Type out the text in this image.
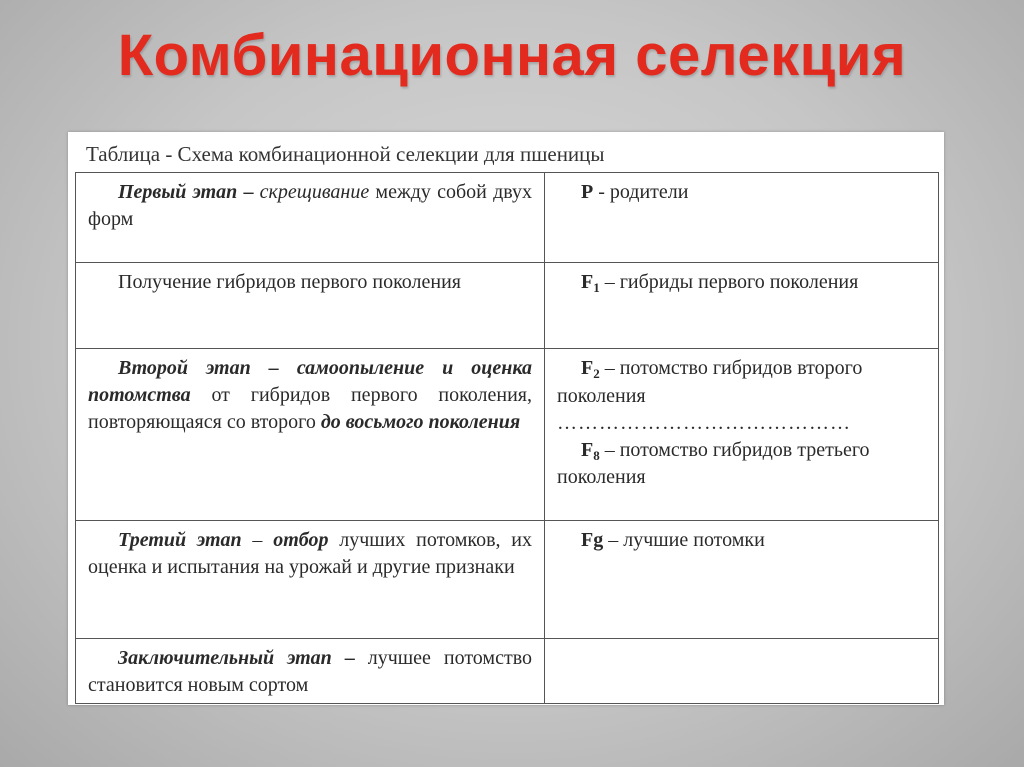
Комбинационная селекция
Таблица - Схема комбинационной селекции для пшеницы
Первый этап – скрещивание между собой двух форм	P - родители
Получение гибридов первого поколения	$F_1$ – гибриды первого поколения
Второй этап – самоопыление и оценка потомства от гибридов первого поколения, повторяющаяся со второго до восьмого поколения	$F_2$ – потомство гибридов второго поколения
……………………………………
$F_8$ – потомство гибридов третьего поколения

Третий этап – отбор лучших потомков, их оценка и испытания на урожай и другие признаки	Fg – лучшие потомки
Заключительный этап – лучшее потомство становится новым сортом	
